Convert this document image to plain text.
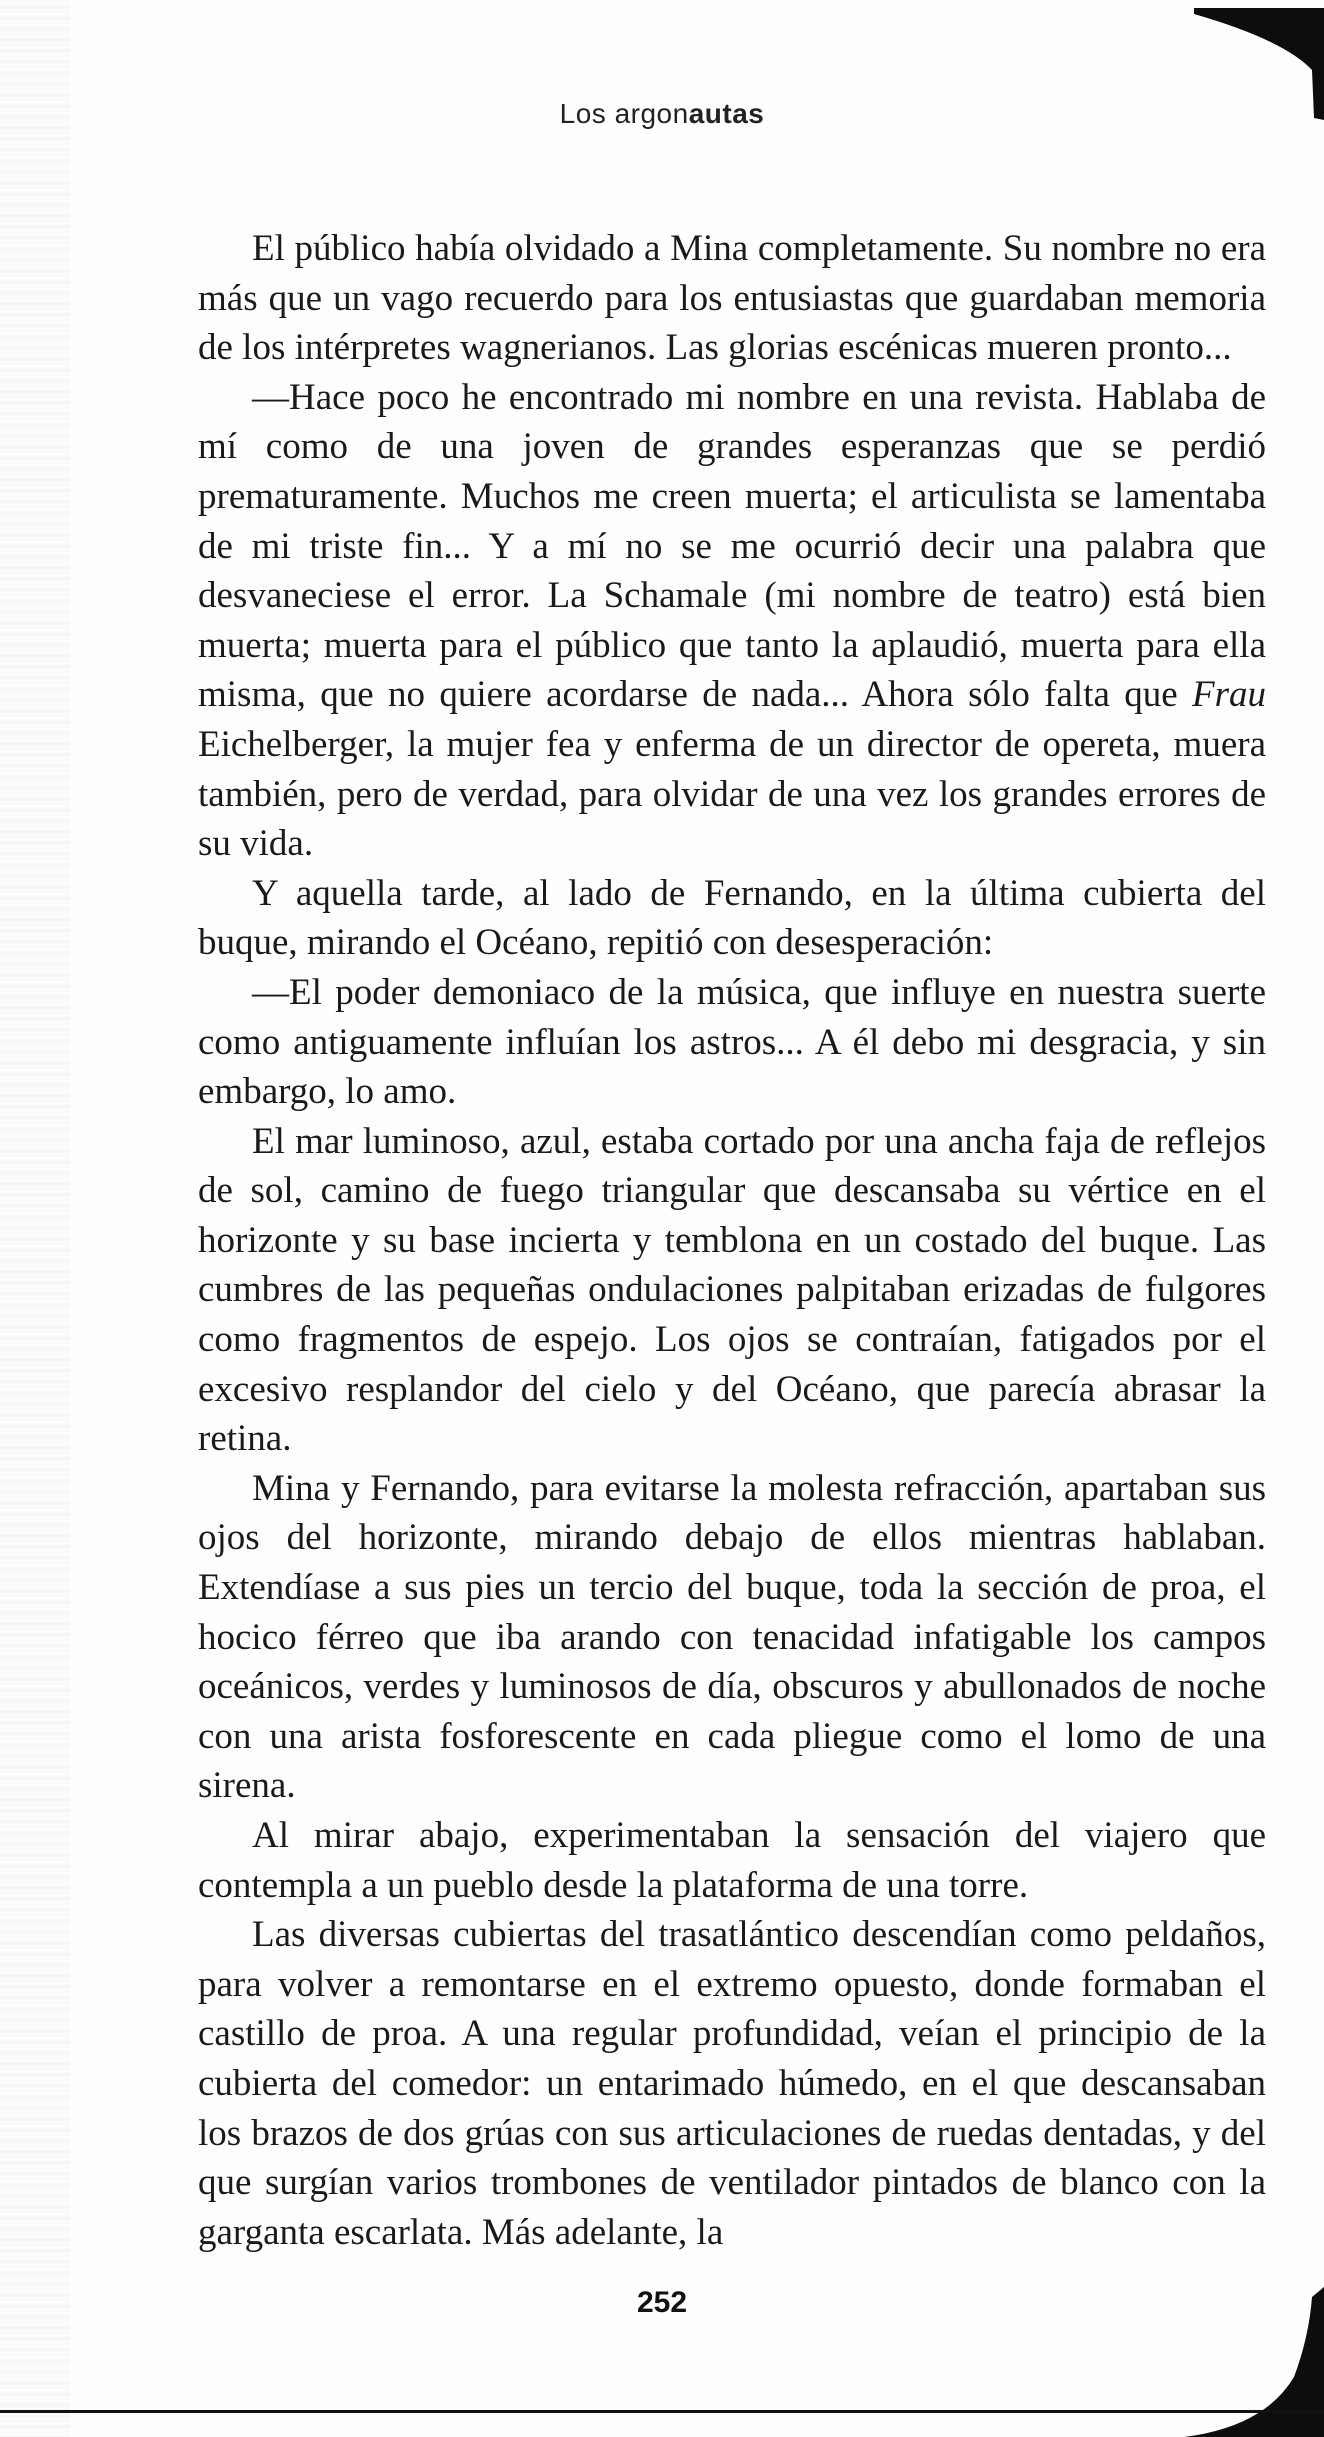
Los argonautas

El público había olvidado a Mina completamente. Su nombre no era más que un vago recuerdo para los entusiastas que guardaban memoria de los intérpretes wagnerianos. Las glorias escénicas mueren pronto...

—Hace poco he encontrado mi nombre en una revista. Hablaba de mí como de una joven de grandes esperanzas que se perdió prematuramente. Muchos me creen muerta; el articulista se lamentaba de mi triste fin... Y a mí no se me ocurrió decir una palabra que desvaneciese el error. La Schamale (mi nombre de teatro) está bien muerta; muerta para el público que tanto la aplaudió, muerta para ella misma, que no quiere acordarse de nada... Ahora sólo falta que Frau Eichelberger, la mujer fea y enferma de un director de opereta, muera también, pero de verdad, para olvidar de una vez los grandes errores de su vida.

Y aquella tarde, al lado de Fernando, en la última cubierta del buque, mirando el Océano, repitió con desesperación:

—El poder demoniaco de la música, que influye en nuestra suerte como antiguamente influían los astros... A él debo mi desgracia, y sin embargo, lo amo.

El mar luminoso, azul, estaba cortado por una ancha faja de reflejos de sol, camino de fuego triangular que descansaba su vértice en el horizonte y su base incierta y temblona en un costado del buque. Las cumbres de las pequeñas ondulaciones palpitaban erizadas de fulgores como fragmentos de espejo. Los ojos se contraían, fatigados por el excesivo resplandor del cielo y del Océano, que parecía abrasar la retina.

Mina y Fernando, para evitarse la molesta refracción, apartaban sus ojos del horizonte, mirando debajo de ellos mientras hablaban. Extendíase a sus pies un tercio del buque, toda la sección de proa, el hocico férreo que iba arando con tenacidad infatigable los campos oceánicos, verdes y luminosos de día, obscuros y abullonados de noche con una arista fosforescente en cada pliegue como el lomo de una sirena.

Al mirar abajo, experimentaban la sensación del viajero que contempla a un pueblo desde la plataforma de una torre.

Las diversas cubiertas del trasatlántico descendían como peldaños, para volver a remontarse en el extremo opuesto, donde formaban el castillo de proa. A una regular profundidad, veían el principio de la cubierta del comedor: un entarimado húmedo, en el que descansaban los brazos de dos grúas con sus articulaciones de ruedas dentadas, y del que surgían varios trombones de ventilador pintados de blanco con la garganta escarlata. Más adelante, la

252
